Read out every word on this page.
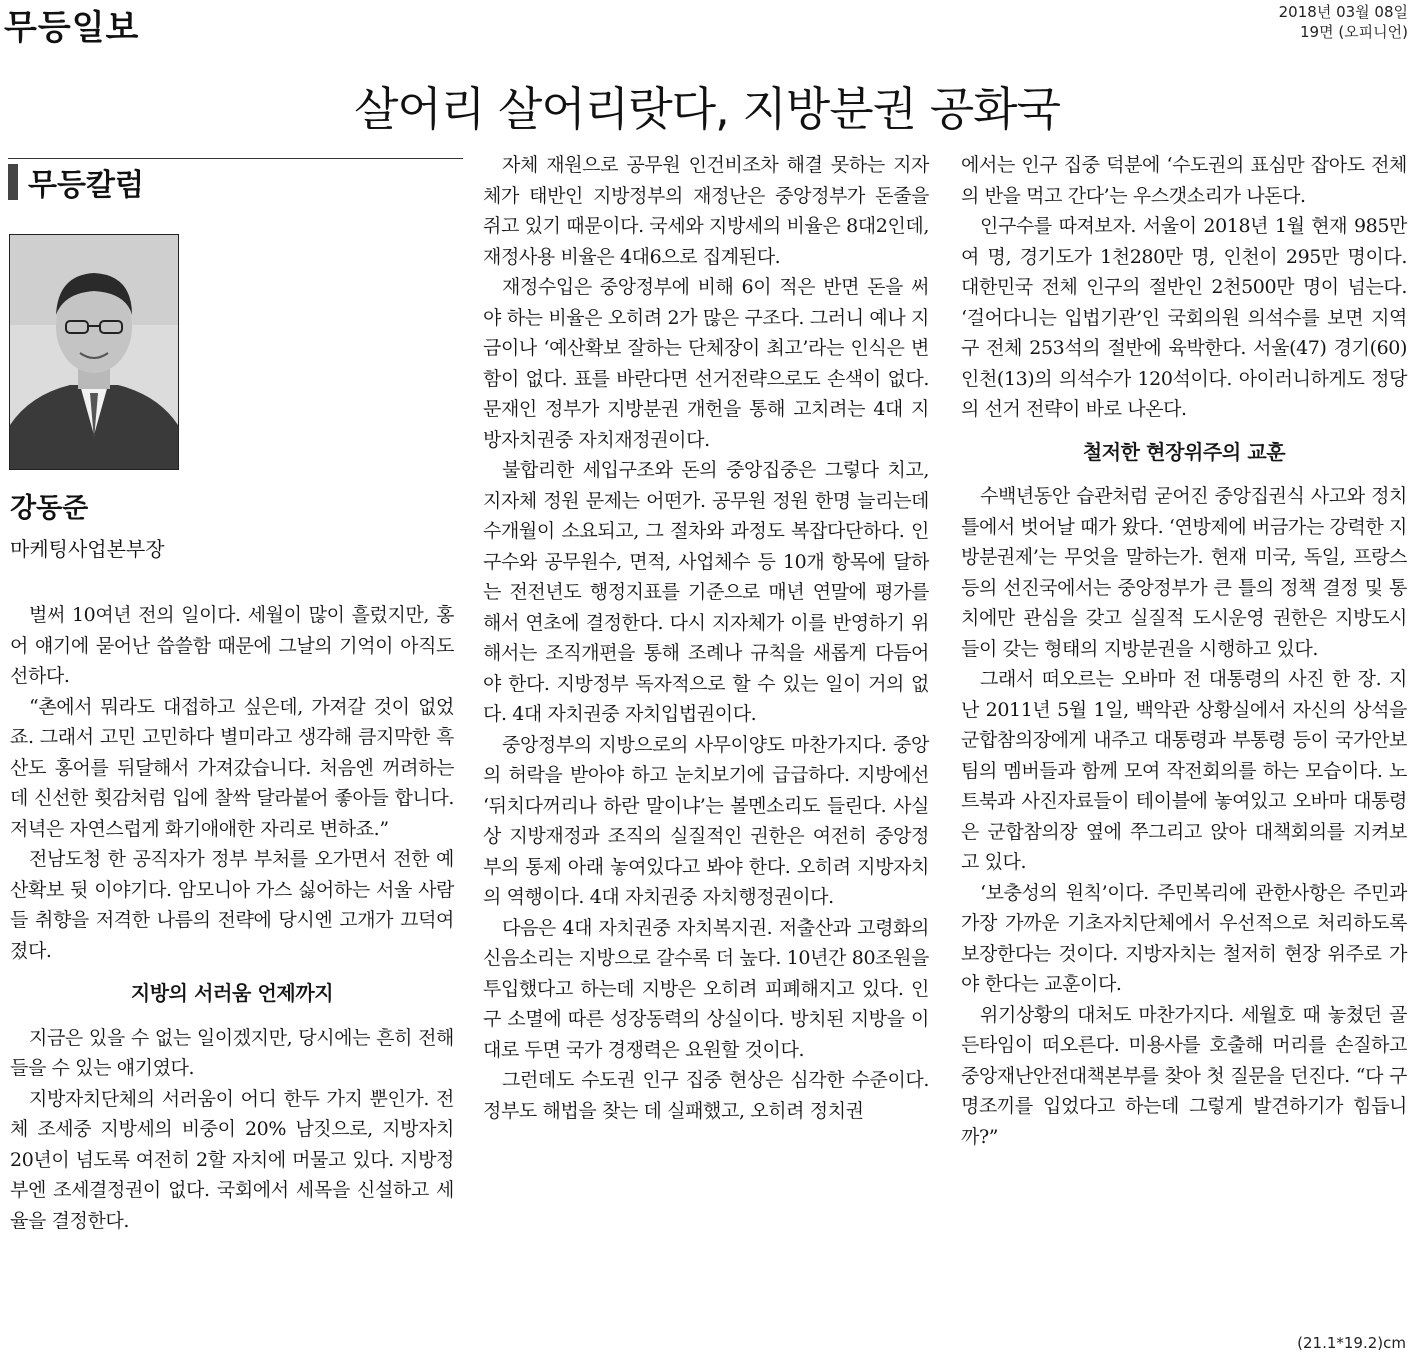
무등일보	2018년 03월 08일
19면 (오피니언)
살어리 살어리랏다, 지방분권 공화국
무등칼럼
강동준
마케팅사업본부장

벌써 10여년 전의 일이다. 세월이 많이 흘렀지만, 홍어 얘기에 묻어난 씁쓸함 때문에 그날의 기억이 아직도 선하다.

“촌에서 뭐라도 대접하고 싶은데, 가져갈 것이 없었죠. 그래서 고민 고민하다 별미라고 생각해 큼지막한 흑산도 홍어를 뒤달해서 가져갔습니다. 처음엔 꺼려하는데 신선한 횟감처럼 입에 찰싹 달라붙어 좋아들 합니다. 저녁은 자연스럽게 화기애애한 자리로 변하죠.”

전남도청 한 공직자가 정부 부처를 오가면서 전한 예산확보 뒷 이야기다. 암모니아 가스 싫어하는 서울 사람들 취향을 저격한 나름의 전략에 당시엔 고개가 끄덕여졌다.

지방의 서러움 언제까지

지금은 있을 수 없는 일이겠지만, 당시에는 흔히 전해들을 수 있는 얘기였다.

지방자치단체의 서러움이 어디 한두 가지 뿐인가. 전체 조세중 지방세의 비중이 20% 남짓으로, 지방자치 20년이 넘도록 여전히 2할 자치에 머물고 있다. 지방정부엔 조세결정권이 없다. 국회에서 세목을 신설하고 세율을 결정한다.

자체 재원으로 공무원 인건비조차 해결 못하는 지자체가 태반인 지방정부의 재정난은 중앙정부가 돈줄을 쥐고 있기 때문이다. 국세와 지방세의 비율은 8대2인데, 재정사용 비율은 4대6으로 집계된다.

재정수입은 중앙정부에 비해 6이 적은 반면 돈을 써야 하는 비율은 오히려 2가 많은 구조다. 그러니 예나 지금이나 ‘예산확보 잘하는 단체장이 최고’라는 인식은 변함이 없다. 표를 바란다면 선거전략으로도 손색이 없다. 문재인 정부가 지방분권 개헌을 통해 고치려는 4대 지방자치권중 자치재정권이다.

불합리한 세입구조와 돈의 중앙집중은 그렇다 치고, 지자체 정원 문제는 어떤가. 공무원 정원 한명 늘리는데 수개월이 소요되고, 그 절차와 과정도 복잡다단하다. 인구수와 공무원수, 면적, 사업체수 등 10개 항목에 달하는 전전년도 행정지표를 기준으로 매년 연말에 평가를 해서 연초에 결정한다. 다시 지자체가 이를 반영하기 위해서는 조직개편을 통해 조례나 규칙을 새롭게 다듬어야 한다. 지방정부 독자적으로 할 수 있는 일이 거의 없다. 4대 자치권중 자치입법권이다.

중앙정부의 지방으로의 사무이양도 마찬가지다. 중앙의 허락을 받아야 하고 눈치보기에 급급하다. 지방에선 ‘뒤치다꺼리나 하란 말이냐’는 볼멘소리도 들린다. 사실상 지방재정과 조직의 실질적인 권한은 여전히 중앙정부의 통제 아래 놓여있다고 봐야 한다. 오히려 지방자치의 역행이다. 4대 자치권중 자치행정권이다.

다음은 4대 자치권중 자치복지권. 저출산과 고령화의 신음소리는 지방으로 갈수록 더 높다. 10년간 80조원을 투입했다고 하는데 지방은 오히려 피폐해지고 있다. 인구 소멸에 따른 성장동력의 상실이다. 방치된 지방을 이대로 두면 국가 경쟁력은 요원할 것이다.

그런데도 수도권 인구 집중 현상은 심각한 수준이다. 정부도 해법을 찾는 데 실패했고, 오히려 정치권

에서는 인구 집중 덕분에 ‘수도권의 표심만 잡아도 전체의 반을 먹고 간다’는 우스갯소리가 나돈다.

인구수를 따져보자. 서울이 2018년 1월 현재 985만여 명, 경기도가 1천280만 명, 인천이 295만 명이다. 대한민국 전체 인구의 절반인 2천500만 명이 넘는다. ‘걸어다니는 입법기관’인 국회의원 의석수를 보면 지역구 전체 253석의 절반에 육박한다. 서울(47) 경기(60) 인천(13)의 의석수가 120석이다. 아이러니하게도 정당의 선거 전략이 바로 나온다.

철저한 현장위주의 교훈

수백년동안 습관처럼 굳어진 중앙집권식 사고와 정치 틀에서 벗어날 때가 왔다. ‘연방제에 버금가는 강력한 지방분권제’는 무엇을 말하는가. 현재 미국, 독일, 프랑스 등의 선진국에서는 중앙정부가 큰 틀의 정책 결정 및 통치에만 관심을 갖고 실질적 도시운영 권한은 지방도시들이 갖는 형태의 지방분권을 시행하고 있다.

그래서 떠오르는 오바마 전 대통령의 사진 한 장. 지난 2011년 5월 1일, 백악관 상황실에서 자신의 상석을 군합참의장에게 내주고 대통령과 부통령 등이 국가안보팀의 멤버들과 함께 모여 작전회의를 하는 모습이다. 노트북과 사진자료들이 테이블에 놓여있고 오바마 대통령은 군합참의장 옆에 쭈그리고 앉아 대책회의를 지켜보고 있다.

‘보충성의 원칙’이다. 주민복리에 관한사항은 주민과 가장 가까운 기초자치단체에서 우선적으로 처리하도록 보장한다는 것이다. 지방자치는 철저히 현장 위주로 가야 한다는 교훈이다.

위기상황의 대처도 마찬가지다. 세월호 때 놓쳤던 골든타임이 떠오른다. 미용사를 호출해 머리를 손질하고 중앙재난안전대책본부를 찾아 첫 질문을 던진다. “다 구명조끼를 입었다고 하는데 그렇게 발견하기가 힘듭니까?”

(21.1*19.2)cm
